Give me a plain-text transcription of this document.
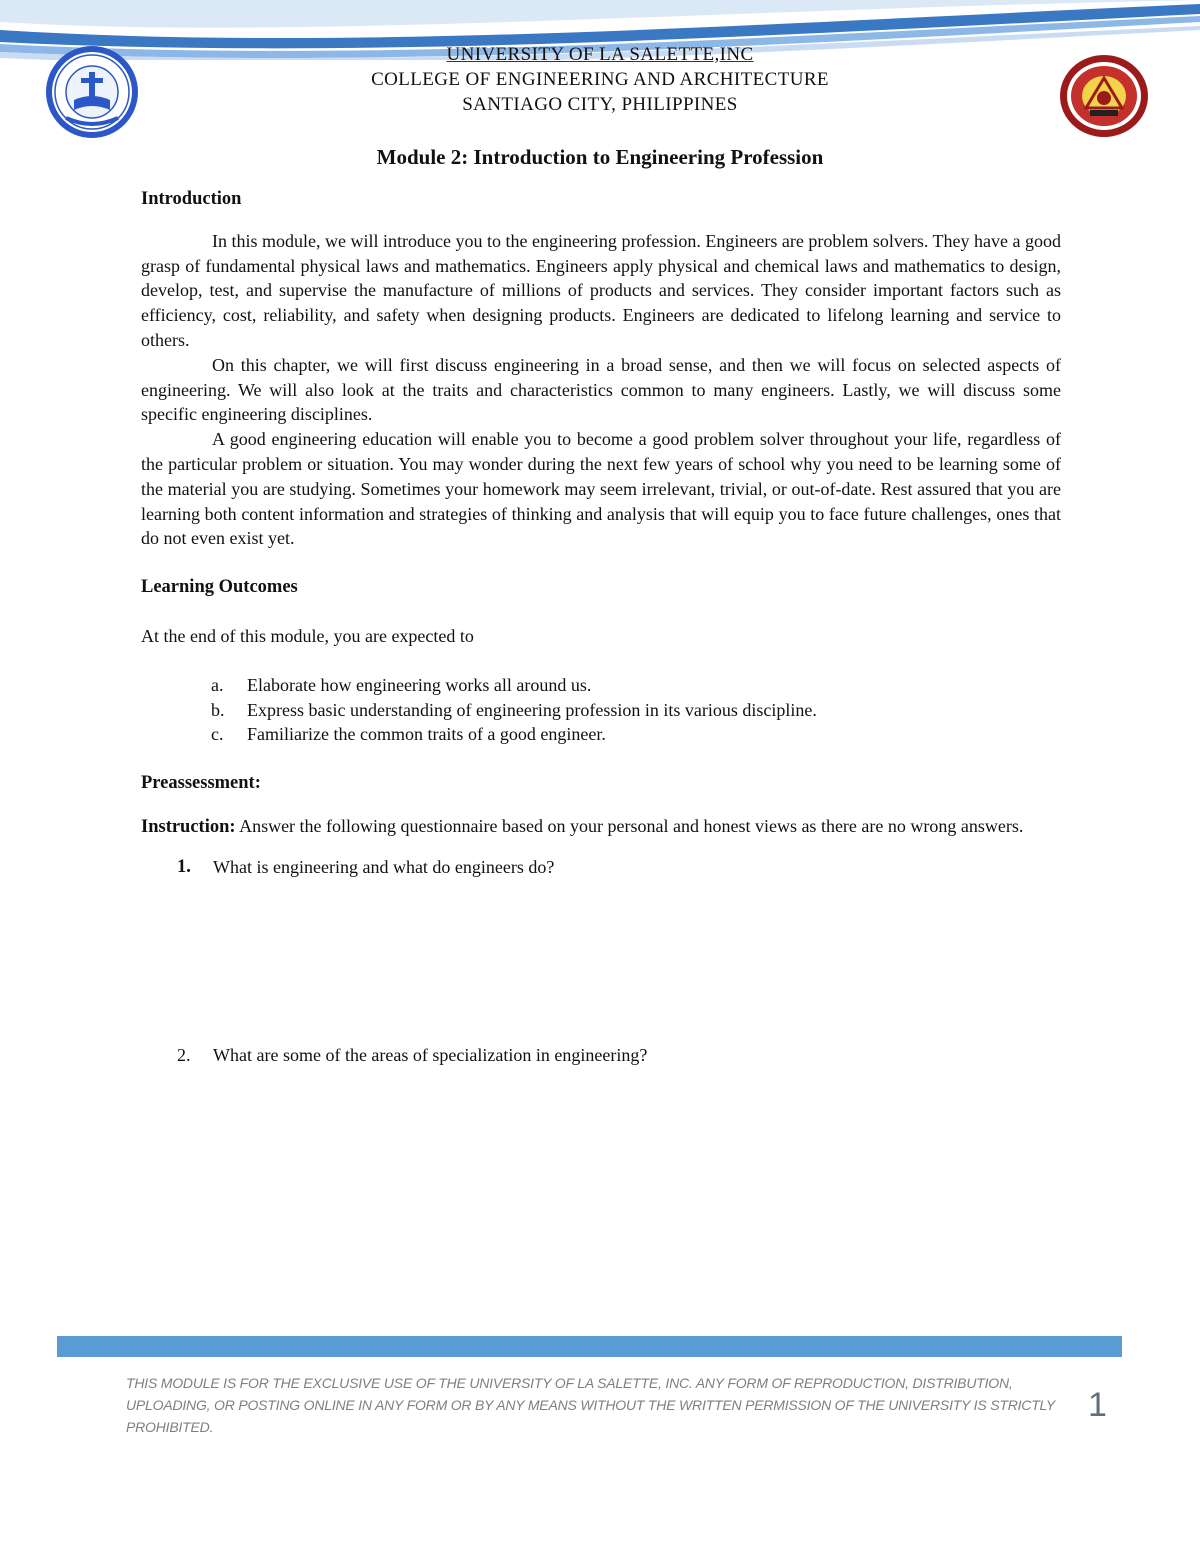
UNIVERSITY OF LA SALETTE,INC
COLLEGE OF ENGINEERING AND ARCHITECTURE
SANTIAGO CITY, PHILIPPINES
Module 2: Introduction to Engineering Profession
Introduction
In this module, we will introduce you to the engineering profession. Engineers are problem solvers. They have a good grasp of fundamental physical laws and mathematics. Engineers apply physical and chemical laws and mathematics to design, develop, test, and supervise the manufacture of millions of products and services. They consider important factors such as efficiency, cost, reliability, and safety when designing products. Engineers are dedicated to lifelong learning and service to others.
On this chapter, we will first discuss engineering in a broad sense, and then we will focus on selected aspects of engineering. We will also look at the traits and characteristics common to many engineers. Lastly, we will discuss some specific engineering disciplines.
A good engineering education will enable you to become a good problem solver throughout your life, regardless of the particular problem or situation. You may wonder during the next few years of school why you need to be learning some of the material you are studying. Sometimes your homework may seem irrelevant, trivial, or out-of-date. Rest assured that you are learning both content information and strategies of thinking and analysis that will equip you to face future challenges, ones that do not even exist yet.
Learning Outcomes
At the end of this module, you are expected to
a.	Elaborate how engineering works all around us.
b.	Express basic understanding of engineering profession in its various discipline.
c.	Familiarize the common traits of a good engineer.
Preassessment:
Instruction: Answer the following questionnaire based on your personal and honest views as there are no wrong answers.
1.	What is engineering and what do engineers do?
2.	What are some of the areas of specialization in engineering?
THIS MODULE IS FOR THE EXCLUSIVE USE OF THE UNIVERSITY OF LA SALETTE, INC. ANY FORM OF REPRODUCTION, DISTRIBUTION, UPLOADING, OR POSTING ONLINE IN ANY FORM OR BY ANY MEANS WITHOUT THE WRITTEN PERMISSION OF THE UNIVERSITY IS STRICTLY PROHIBITED.
1
